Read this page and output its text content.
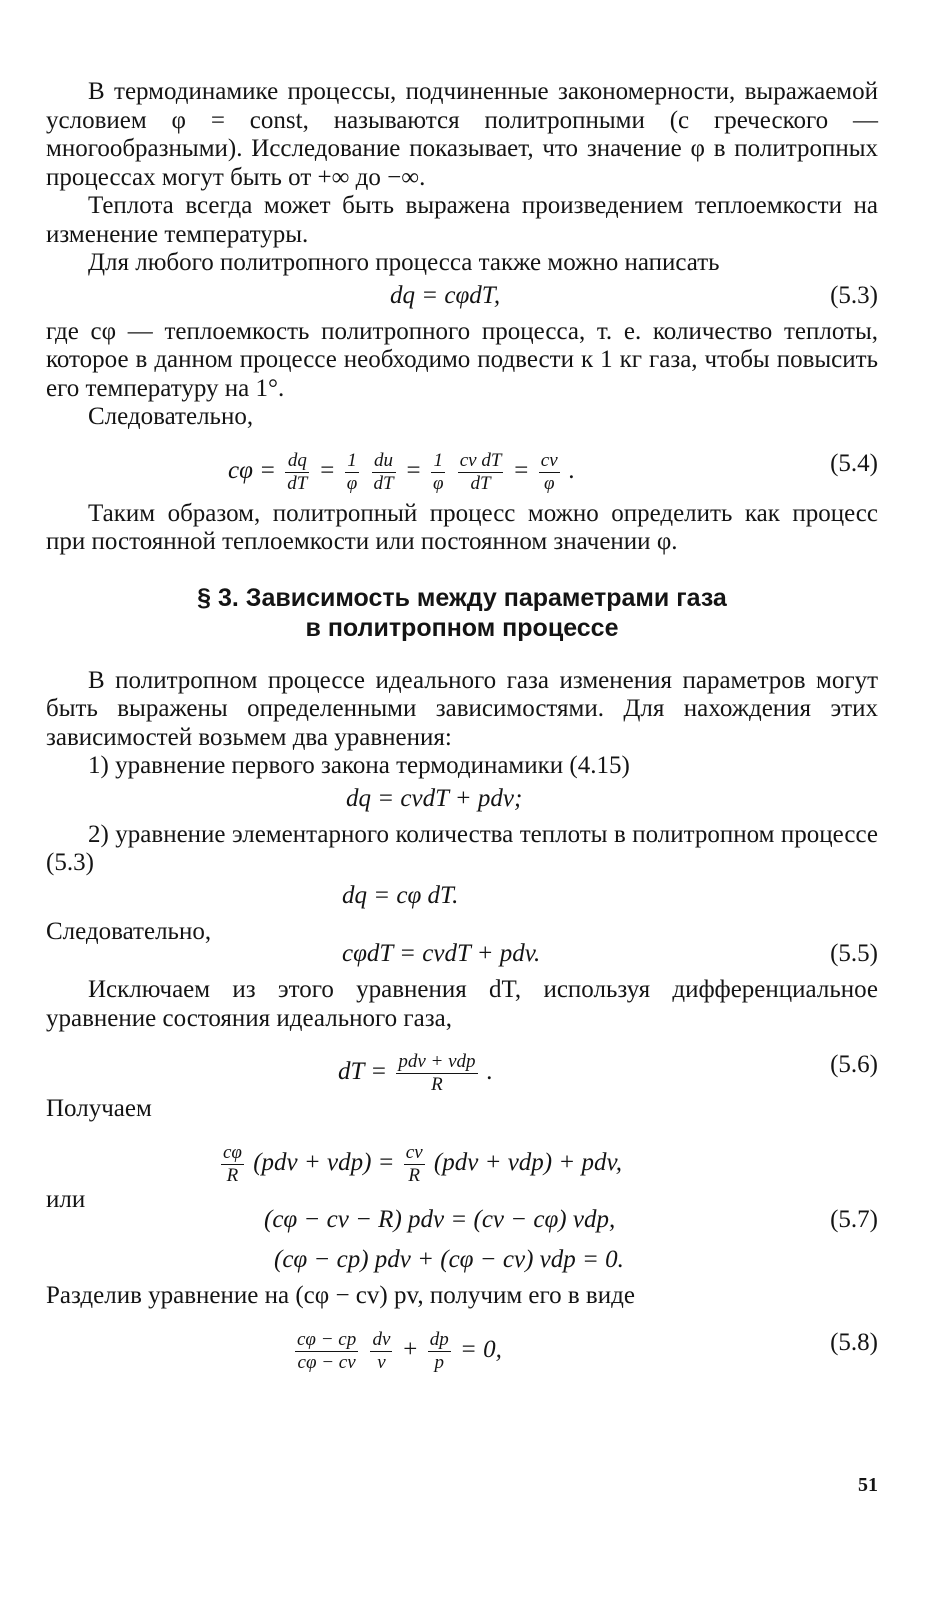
В термодинамике процессы, подчиненные закономерности, выражаемой условием φ = const, называются политропными (с греческого — многообразными). Исследование показывает, что значение φ в политропных процессах могут быть от +∞ до −∞.

Теплота всегда может быть выражена произведением теплоемкости на изменение температуры.

Для любого политропного процесса также можно написать

dq = cφdT,	(5.3)

где cφ — теплоемкость политропного процесса, т. е. количество теплоты, которое в данном процессе необходимо подвести к 1 кг газа, чтобы повысить его температуру на 1°.

Следовательно,

$c\varphi = \frac{dq}{dT} = \frac{1}{\varphi}$
$\frac{du}{dT} = \frac{1}{\varphi}$
$\frac{\text{cv dT}}{dT} = \frac{cv}{\varphi}$ .	(5.4)

Таким образом, политропный процесс можно определить как процесс при постоянной теплоемкости или постоянном значении φ.

§ 3. Зависимость между параметрами газа
в политропном процессе

В политропном процессе идеального газа изменения параметров могут быть выражены определенными зависимостями. Для нахождения этих зависимостей возьмем два уравнения:

1) уравнение первого закона термодинамики (4.15)

dq = cvdT + pdv;

2) уравнение элементарного количества теплоты в политропном процессе (5.3)

dq = cφ dT.

Следовательно,

cφdT = cvdT + pdv.	(5.5)

Исключаем из этого уравнения dT, используя дифференциальное уравнение состояния идеального газа,

dT = $\frac{\text{pdv + vdp}}{R}$ .	(5.6)

Получаем

$\frac{c\varphi}{R} (pdv + vdp) = \frac{cv}{R} (pdv + vdp)$ + pdv,

или

(cφ − cv − R) pdv = (cv − cφ) vdp,	(5.7)
(cφ − cp) pdv + (cφ − cv) vdp = 0.

Разделив уравнение на (cφ − cv) pv, получим его в виде

$\frac{c\varphi - cp}{c\varphi - cv}$
$\frac{dv}{v} + \frac{dp}{p} = 0$,	(5.8)
51
